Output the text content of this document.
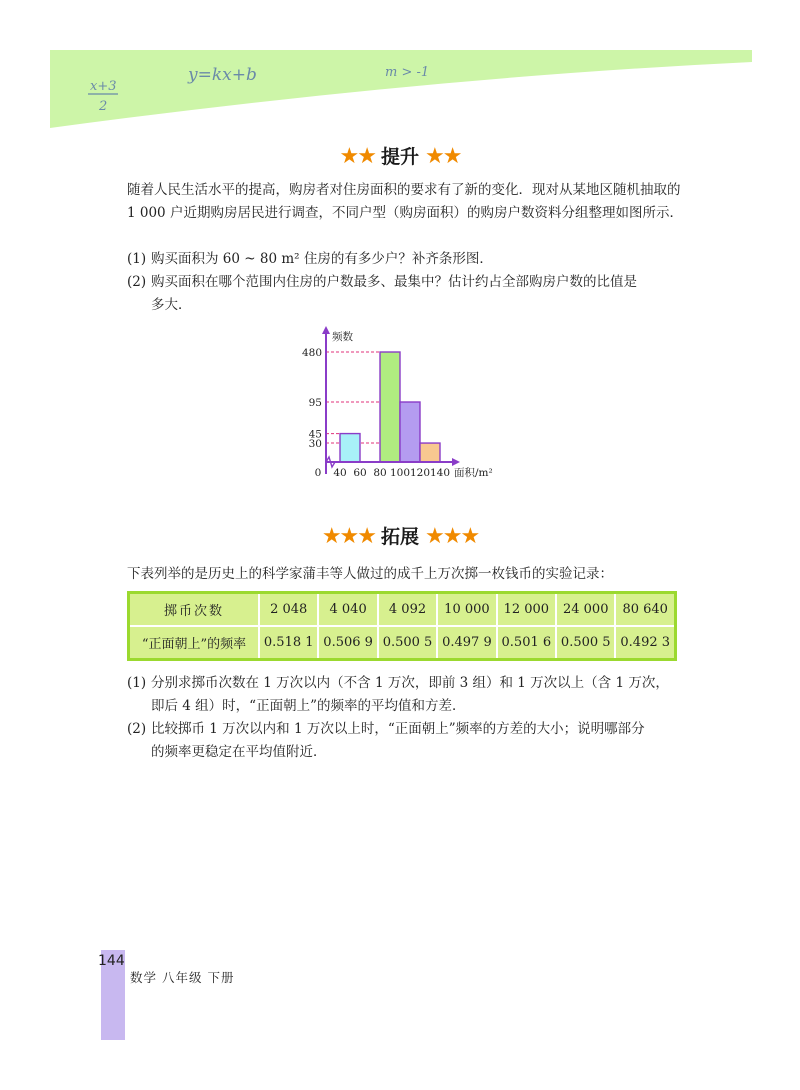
x+3
2
y=kx+b	m > -1
★★ 提升 ★★

随着人民生活水平的提高，购房者对住房面积的要求有了新的变化．现对从某地区随机抽取的 1 000 户近期购房居民进行调查，不同户型（购房面积）的购房户数资料分组整理如图所示．

(1) 购买面积为 60 ~ 80 m² 住房的有多少户？补齐条形图．
(2) 购买面积在哪个范围内住房的户数最多、最集中？估计约占全部购房户数的比值是
多大．
30
45
95
480
0 40 60 80 100 120 140
频数
面积/m²
★★★ 拓展 ★★★

下表列举的是历史上的科学家蒲丰等人做过的成千上万次掷一枚钱币的实验记录：

掷币次数	2 048	4 040	4 092	10 000	12 000	24 000	80 640
“正面朝上”的频率	0.518 1	0.506 9	0.500 5	0.497 9	0.501 6	0.500 5	0.492 3
(1) 分别求掷币次数在 1 万次以内（不含 1 万次，即前 3 组）和 1 万次以上（含 1 万次，
即后 4 组）时，“正面朝上”的频率的平均值和方差．
(2) 比较掷币 1 万次以内和 1 万次以上时，“正面朝上”频率的方差的大小；说明哪部分
的频率更稳定在平均值附近．
144
数学 八年级 下册
